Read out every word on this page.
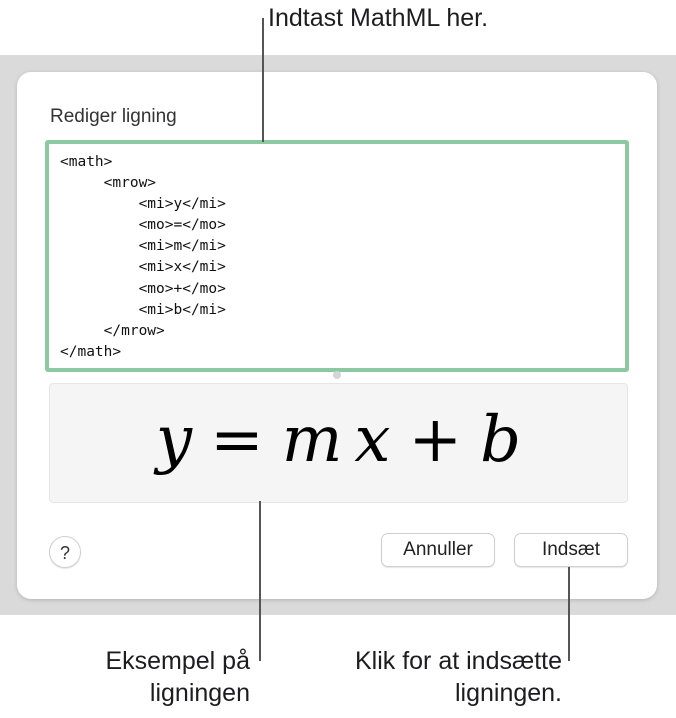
Rediger ligning
<math>
<mrow>
<mi>y</mi>
<mo>=</mo>
<mi>m</mi>
<mi>x</mi>
<mo>+</mo>
<mi>b</mi>
</mrow>
</math>
y = m x + b
?	Annuller	Indsæt
Indtast MathML her.
Eksempel på
ligningen
Klik for at indsætte
ligningen.
